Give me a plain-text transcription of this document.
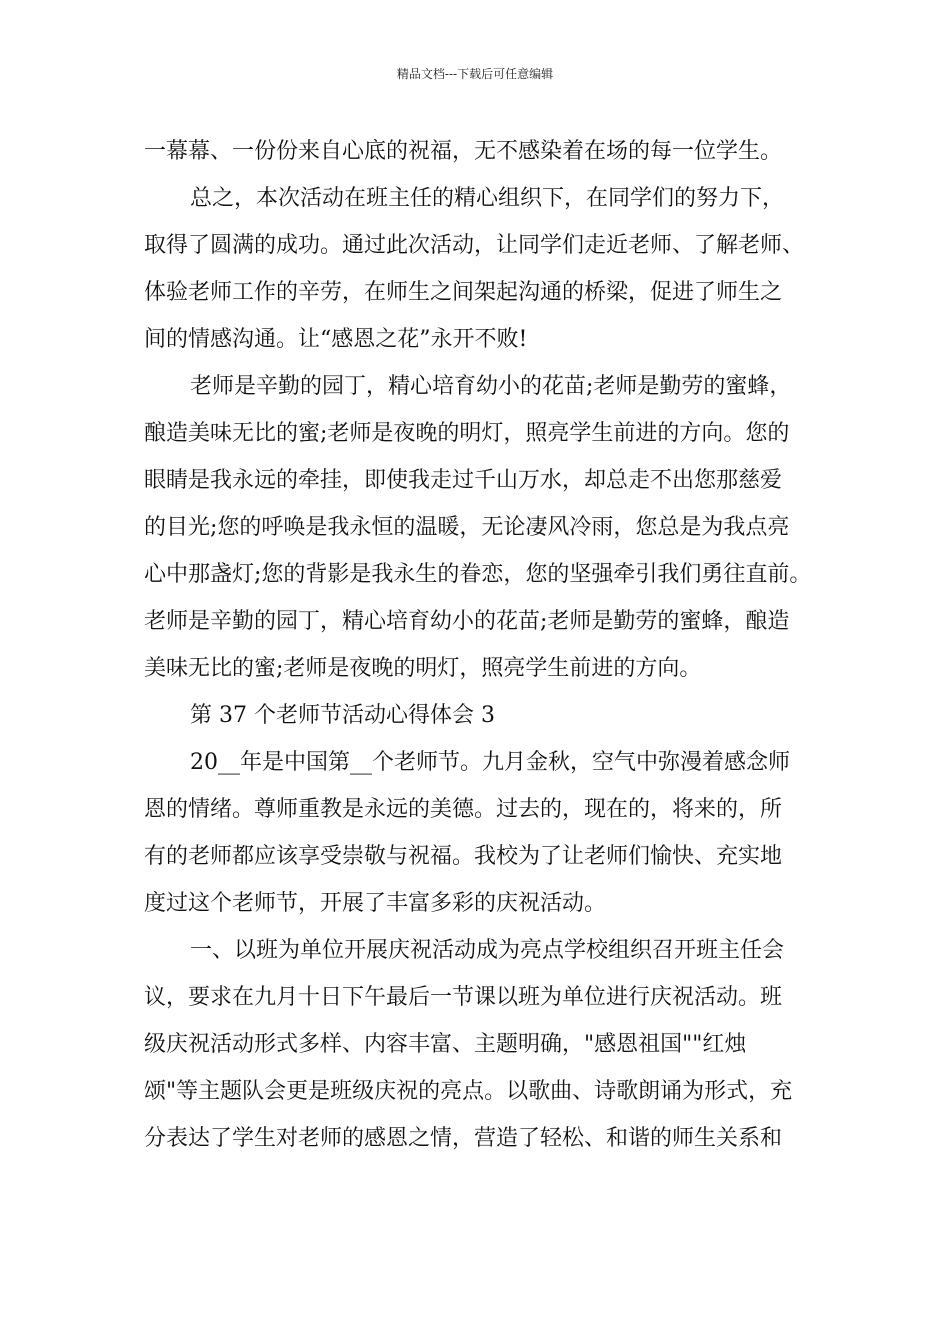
精品文档---下载后可任意编辑

一幕幕、一份份来自心底的祝福，无不感染着在场的每一位学生。

总之，本次活动在班主任的精心组织下，在同学们的努力下，
取得了圆满的成功。通过此次活动，让同学们走近老师、了解老师、
体验老师工作的辛劳，在师生之间架起沟通的桥梁，促进了师生之
间的情感沟通。让“感恩之花”永开不败!

老师是辛勤的园丁，精心培育幼小的花苗;老师是勤劳的蜜蜂，
酿造美味无比的蜜;老师是夜晚的明灯，照亮学生前进的方向。您的
眼睛是我永远的牵挂，即使我走过千山万水，却总走不出您那慈爱
的目光;您的呼唤是我永恒的温暖，无论凄风冷雨，您总是为我点亮
心中那盏灯;您的背影是我永生的眷恋，您的坚强牵引我们勇往直前。
老师是辛勤的园丁，精心培育幼小的花苗;老师是勤劳的蜜蜂，酿造
美味无比的蜜;老师是夜晚的明灯，照亮学生前进的方向。

第 37 个老师节活动心得体会 3

20__年是中国第__个老师节。九月金秋，空气中弥漫着感念师
恩的情绪。尊师重教是永远的美德。过去的，现在的，将来的，所
有的老师都应该享受崇敬与祝福。我校为了让老师们愉快、充实地
度过这个老师节，开展了丰富多彩的庆祝活动。

一、以班为单位开展庆祝活动成为亮点学校组织召开班主任会
议，要求在九月十日下午最后一节课以班为单位进行庆祝活动。班
级庆祝活动形式多样、内容丰富、主题明确，"感恩祖国""红烛
颂"等主题队会更是班级庆祝的亮点。以歌曲、诗歌朗诵为形式，充
分表达了学生对老师的感恩之情，营造了轻松、和谐的师生关系和
